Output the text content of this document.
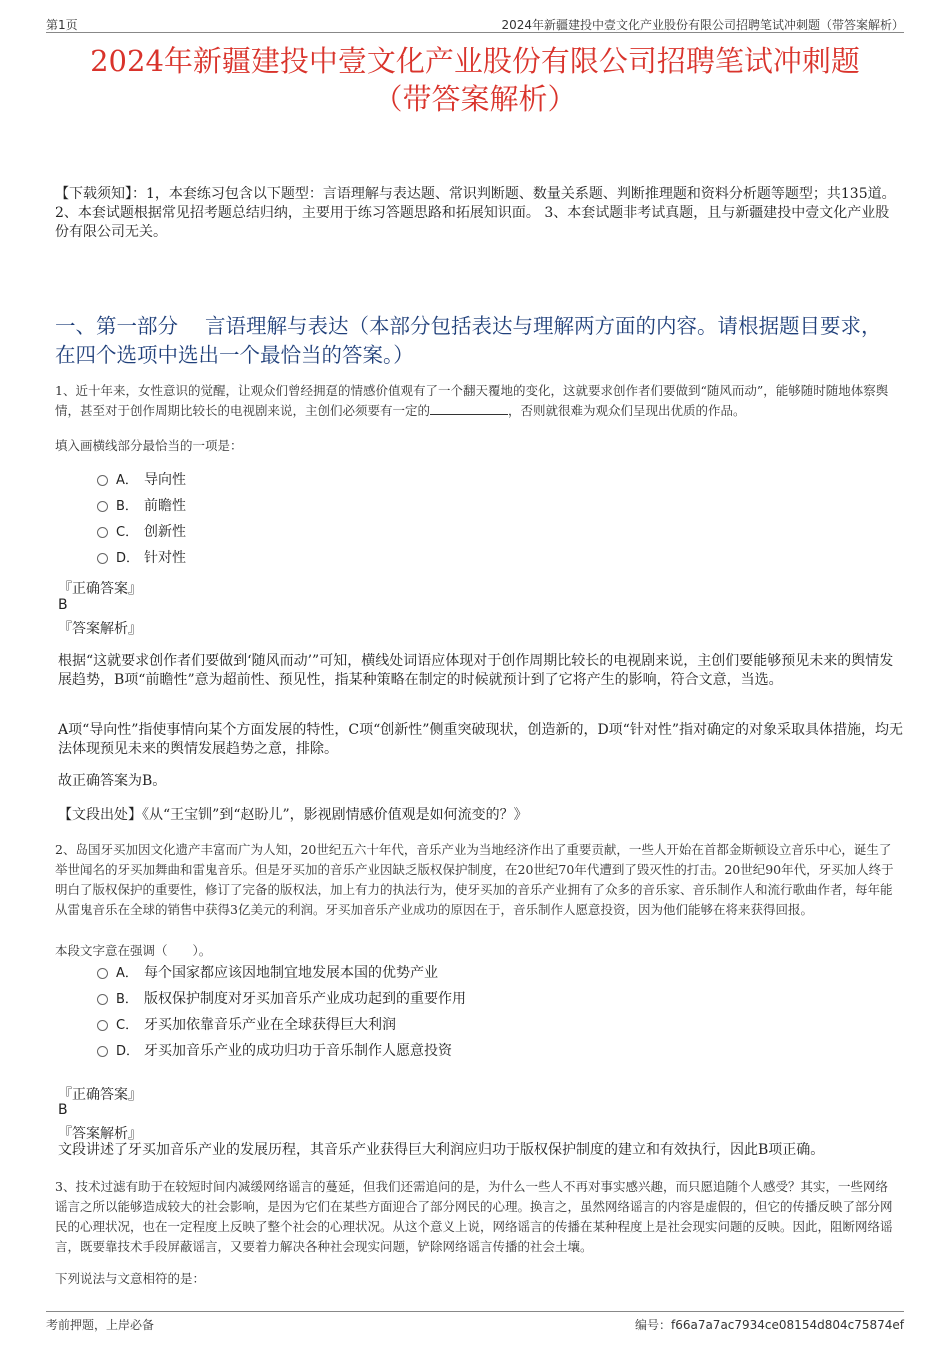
第1页	2024年新疆建投中壹文化产业股份有限公司招聘笔试冲刺题（带答案解析）
2024年新疆建投中壹文化产业股份有限公司招聘笔试冲刺题
（带答案解析）
【下载须知】：1，本套练习包含以下题型：言语理解与表达题、常识判断题、数量关系题、判断推理题和资料分析题等题型；共135道。 2、本套试题根据常见招考题总结归纳，主要用于练习答题思路和拓展知识面。 3、本套试题非考试真题，且与新疆建投中壹文化产业股份有限公司无关。
一、第一部分　 言语理解与表达（本部分包括表达与理解两方面的内容。请根据题目要求，在四个选项中选出一个最恰当的答案。）
1、近十年来，女性意识的觉醒，让观众们曾经拥趸的情感价值观有了一个翻天覆地的变化，这就要求创作者们要做到“随风而动”，能够随时随地体察舆情，甚至对于创作周期比较长的电视剧来说，主创们必须要有一定的	，否则就很难为观众们呈现出优质的作品。
填入画横线部分最恰当的一项是：
A． 导向性
B． 前瞻性
C． 创新性
D． 针对性
『正确答案』
B
『答案解析』
根据“这就要求创作者们要做到‘随风而动’”可知，横线处词语应体现对于创作周期比较长的电视剧来说，主创们要能够预见未来的舆情发展趋势，B项“前瞻性”意为超前性、预见性，指某种策略在制定的时候就预计到了它将产生的影响，符合文意，当选。
A项“导向性”指使事情向某个方面发展的特性，C项“创新性”侧重突破现状，创造新的，D项“针对性”指对确定的对象采取具体措施，均无法体现预见未来的舆情发展趋势之意，排除。
故正确答案为B。
【文段出处】《从“王宝钏”到“赵盼儿”，影视剧情感价值观是如何流变的？》
2、岛国牙买加因文化遗产丰富而广为人知，20世纪五六十年代，音乐产业为当地经济作出了重要贡献，一些人开始在首都金斯顿设立音乐中心，诞生了举世闻名的牙买加舞曲和雷鬼音乐。但是牙买加的音乐产业因缺乏版权保护制度，在20世纪70年代遭到了毁灭性的打击。20世纪90年代，牙买加人终于明白了版权保护的重要性，修订了完备的版权法，加上有力的执法行为，使牙买加的音乐产业拥有了众多的音乐家、音乐制作人和流行歌曲作者，每年能从雷鬼音乐在全球的销售中获得3亿美元的利润。牙买加音乐产业成功的原因在于，音乐制作人愿意投资，因为他们能够在将来获得回报。
本段文字意在强调（　　）。
A． 每个国家都应该因地制宜地发展本国的优势产业
B． 版权保护制度对牙买加音乐产业成功起到的重要作用
C． 牙买加依靠音乐产业在全球获得巨大利润
D． 牙买加音乐产业的成功归功于音乐制作人愿意投资
『正确答案』
B
『答案解析』
文段讲述了牙买加音乐产业的发展历程，其音乐产业获得巨大利润应归功于版权保护制度的建立和有效执行，因此B项正确。
3、技术过滤有助于在较短时间内减缓网络谣言的蔓延，但我们还需追问的是，为什么一些人不再对事实感兴趣，而只愿追随个人感受？其实，一些网络谣言之所以能够造成较大的社会影响，是因为它们在某些方面迎合了部分网民的心理。换言之，虽然网络谣言的内容是虚假的，但它的传播反映了部分网民的心理状况，也在一定程度上反映了整个社会的心理状况。从这个意义上说，网络谣言的传播在某种程度上是社会现实问题的反映。因此，阻断网络谣言，既要靠技术手段屏蔽谣言，又要着力解决各种社会现实问题，铲除网络谣言传播的社会土壤。
下列说法与文意相符的是：
考前押题，上岸必备	编号：f66a7a7ac7934ce08154d804c75874ef
